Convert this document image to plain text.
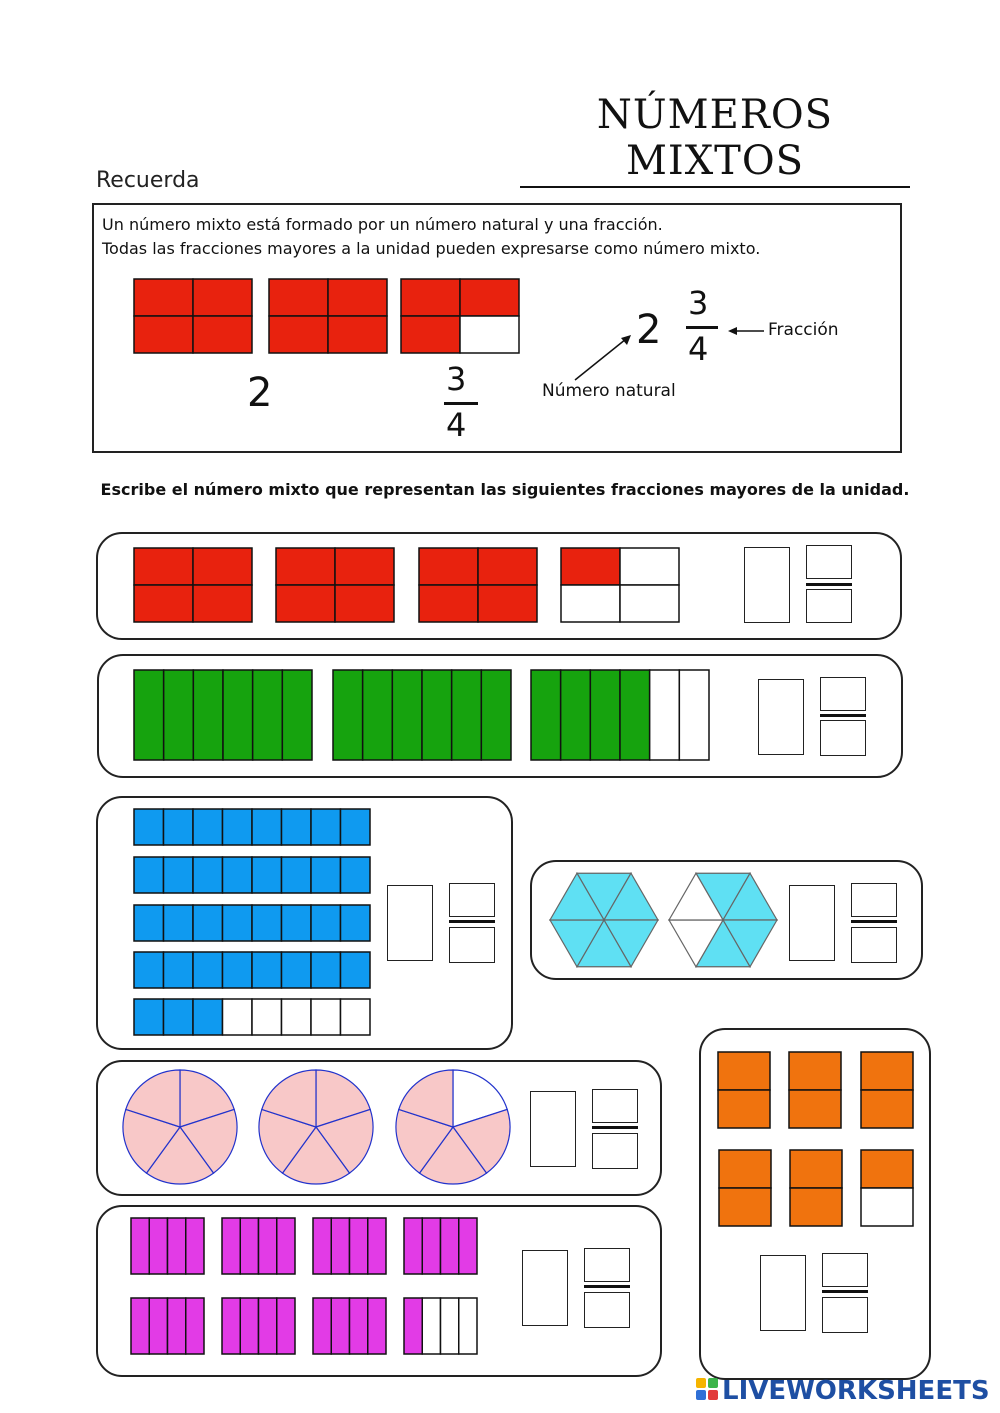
NÚMEROS MIXTOS
Recuerda
Un número mixto está formado por un número natural y una fracción.
Todas las fracciones mayores a la unidad pueden expresarse como número mixto.
2	3
4
2
3
4	Fracción
Número natural
Escribe el número mixto que representan las siguientes fracciones mayores de la unidad.
LIVEWORKSHEETS
